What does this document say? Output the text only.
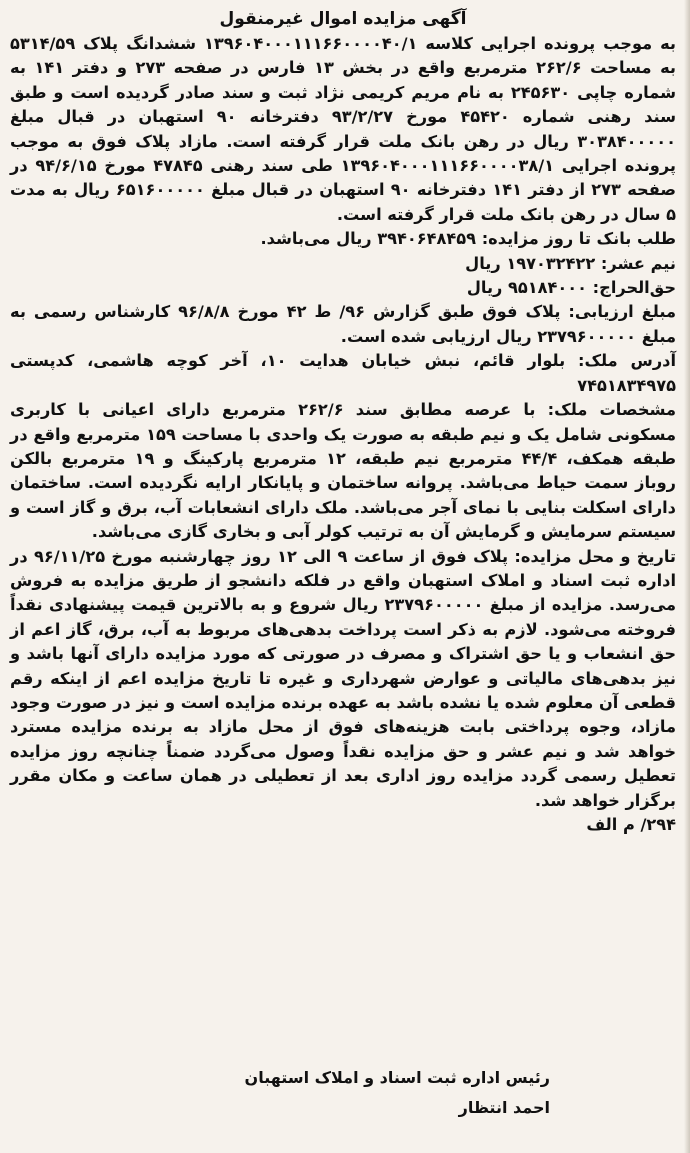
آگهی مزایده اموال غیرمنقول

به موجب پرونده اجرایی کلاسه ۱۳۹۶۰۴۰۰۰۱۱۱۶۶۰۰۰۰۴۰/۱ ششدانگ پلاک ۵۳۱۴/۵۹ به مساحت ۲۶۲/۶ مترمربع واقع در بخش ۱۳ فارس در صفحه ۲۷۳ و دفتر ۱۴۱ به شماره چاپی ۲۴۵۶۳۰ به نام مریم کریمی نژاد ثبت و سند صادر گردیده است و طبق سند رهنی شماره ۴۵۴۲۰ مورخ ۹۳/۲/۲۷ دفترخانه ۹۰ استهبان در قبال مبلغ ۳۰۳۸۴۰۰۰۰۰ ریال در رهن بانک ملت قرار گرفته است. مازاد پلاک فوق به موجب پرونده اجرایی ۱۳۹۶۰۴۰۰۰۱۱۱۶۶۰۰۰۰۳۸/۱ طی سند رهنی ۴۷۸۴۵ مورخ ۹۴/۶/۱۵ در صفحه ۲۷۳ از دفتر ۱۴۱ دفترخانه ۹۰ استهبان در قبال مبلغ ۶۵۱۶۰۰۰۰۰ ریال به مدت ۵ سال در رهن بانک ملت قرار گرفته است.

طلب بانک تا روز مزایده: ۳۹۴۰۶۴۸۴۵۹ ریال می‌باشد.

نیم عشر: ۱۹۷۰۳۲۴۲۲ ریال

حق‌الحراج: ۹۵۱۸۴۰۰۰ ریال

مبلغ ارزیابی: پلاک فوق طبق گزارش ۹۶/ ط ۴۲ مورخ ۹۶/۸/۸ کارشناس رسمی به مبلغ ۲۳۷۹۶۰۰۰۰۰ ریال ارزیابی شده است.

آدرس ملک: بلوار قائم، نبش خیابان هدایت ۱۰، آخر کوچه هاشمی، کدپستی ۷۴۵۱۸۳۴۹۷۵

مشخصات ملک: با عرصه مطابق سند ۲۶۲/۶ مترمربع دارای اعیانی با کاربری مسکونی شامل یک و نیم طبقه به صورت یک واحدی با مساحت ۱۵۹ مترمربع واقع در طبقه همکف، ۴۴/۴ مترمربع نیم طبقه، ۱۲ مترمربع پارکینگ و ۱۹ مترمربع بالکن روباز سمت حیاط می‌باشد. پروانه ساختمان و پایانکار ارایه نگردیده است. ساختمان دارای اسکلت بنایی با نمای آجر می‌باشد. ملک دارای انشعابات آب، برق و گاز است و سیستم سرمایش و گرمایش آن به ترتیب کولر آبی و بخاری گازی می‌باشد.

تاریخ و محل مزایده: پلاک فوق از ساعت ۹ الی ۱۲ روز چهارشنبه مورخ ۹۶/۱۱/۲۵ در اداره ثبت اسناد و املاک استهبان واقع در فلکه دانشجو از طریق مزایده به فروش می‌رسد. مزایده از مبلغ ۲۳۷۹۶۰۰۰۰۰ ریال شروع و به بالاترین قیمت پیشنهادی نقداً فروخته می‌شود. لازم به ذکر است پرداخت بدهی‌های مربوط به آب، برق، گاز اعم از حق انشعاب و یا حق اشتراک و مصرف در صورتی که مورد مزایده دارای آنها باشد و نیز بدهی‌های مالیاتی و عوارض شهرداری و غیره تا تاریخ مزایده اعم از اینکه رقم قطعی آن معلوم شده یا نشده باشد به عهده برنده مزایده است و نیز در صورت وجود مازاد، وجوه پرداختی بابت هزینه‌های فوق از محل مازاد به برنده مزایده مسترد خواهد شد و نیم عشر و حق مزایده نقداً وصول می‌گردد ضمناً چنانچه روز مزایده تعطیل رسمی گردد مزایده روز اداری بعد از تعطیلی در همان ساعت و مکان مقرر برگزار خواهد شد.

۲۹۴/ م الف

رئیس اداره ثبت اسناد و املاک استهبان
احمد انتظار
